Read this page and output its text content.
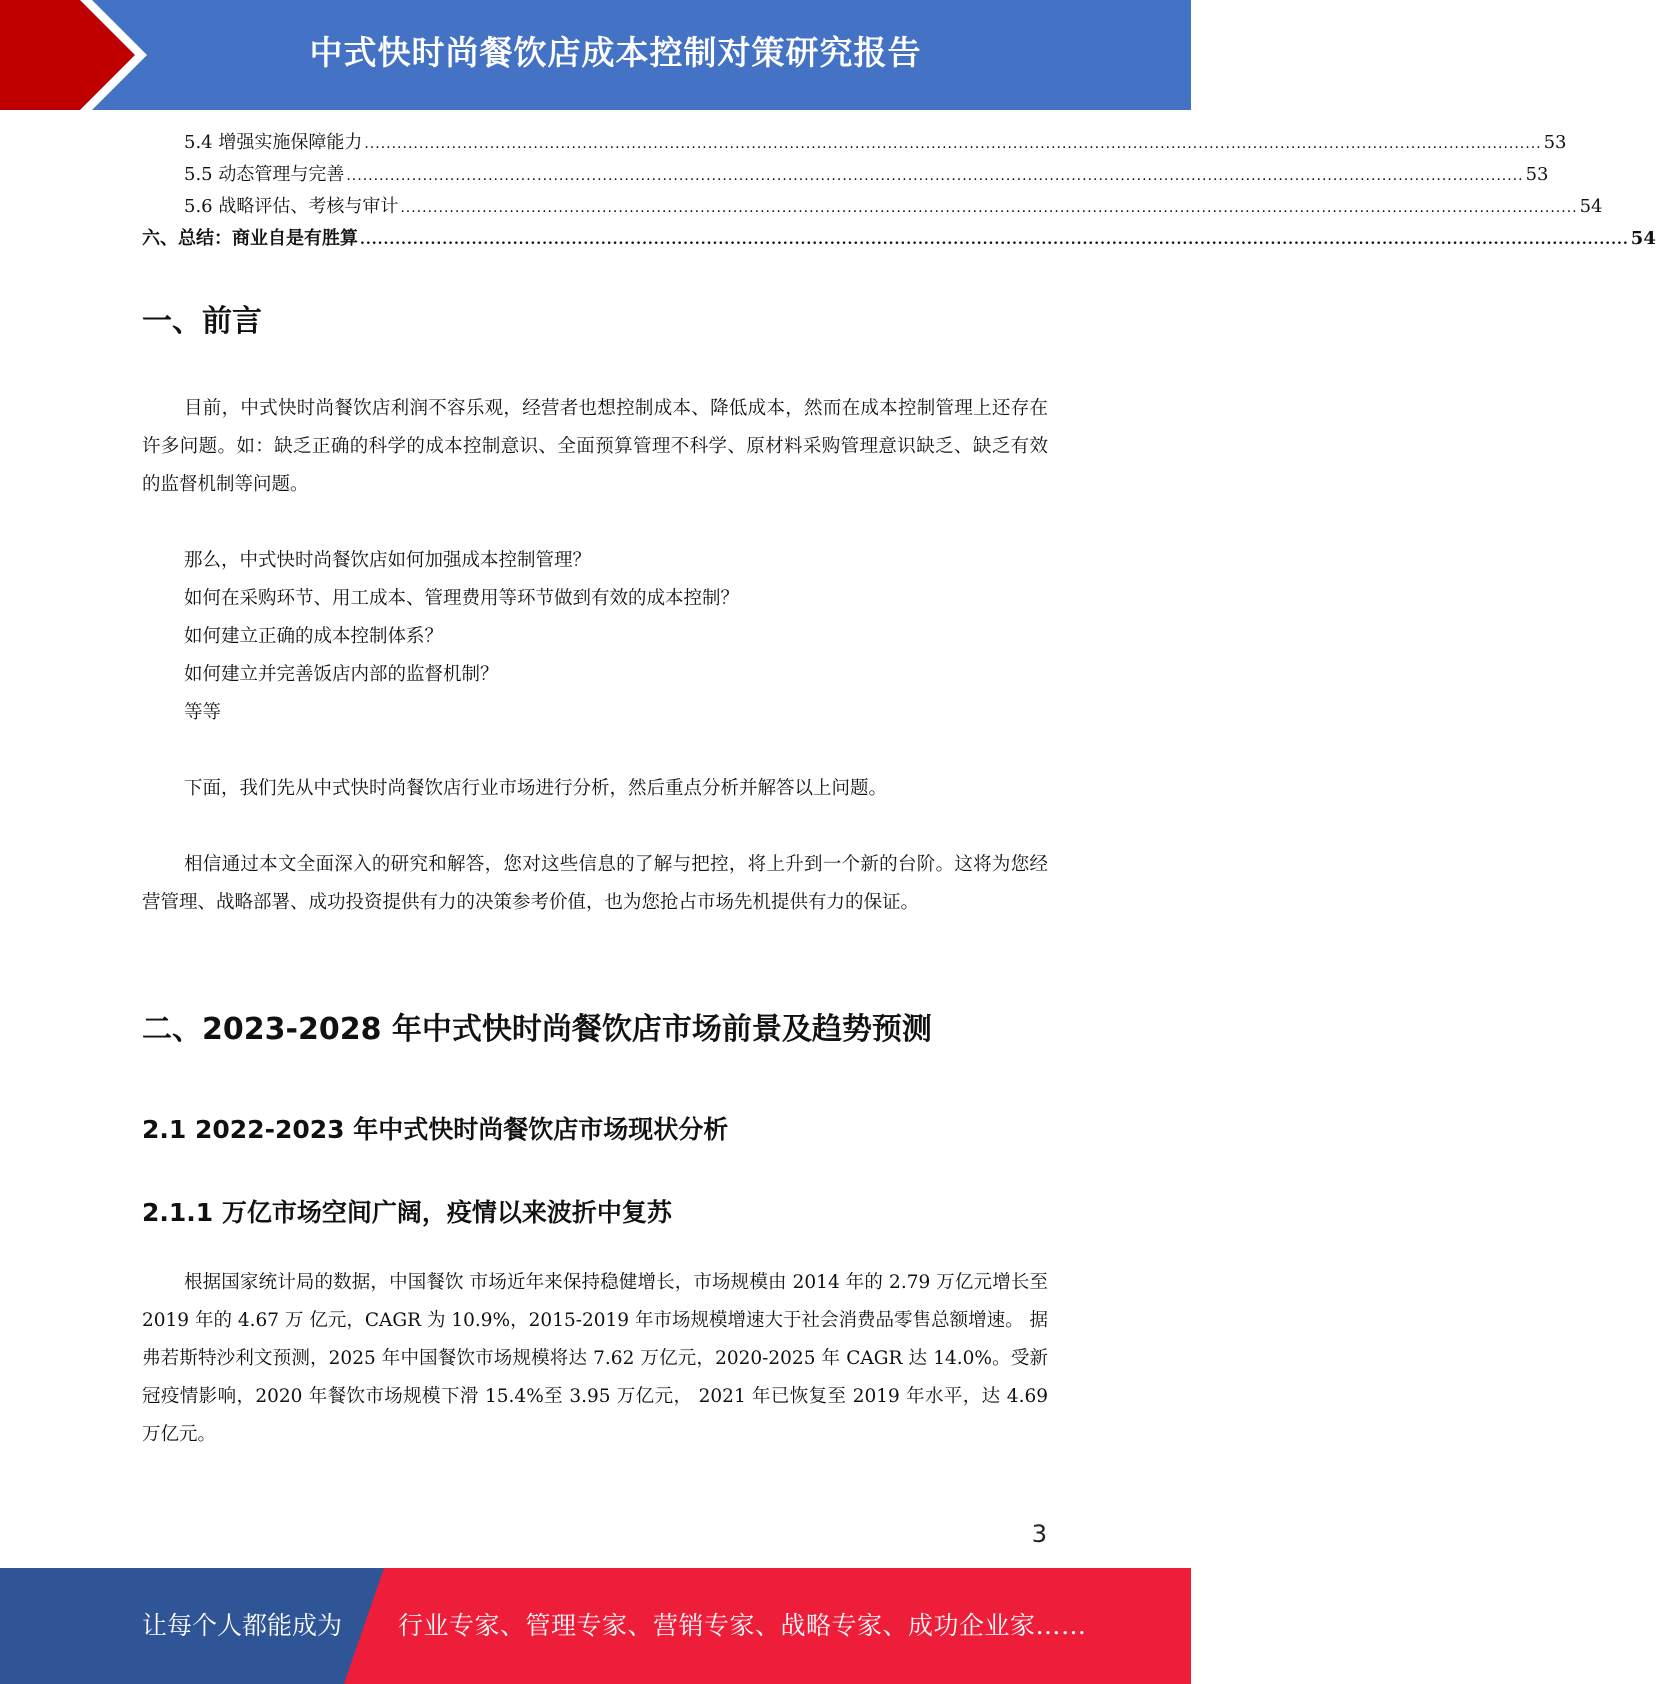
中式快时尚餐饮店成本控制对策研究报告
5.4 增强实施保障能力 ........................................................................................................................................................................................................................ 53
5.5 动态管理与完善 ........................................................................................................................................................................................................................ 53
5.6 战略评估、考核与审计 ........................................................................................................................................................................................................................ 54
六、总结：商业自是有胜算 ........................................................................................................................................................................................................................ 54
一、前言

目前，中式快时尚餐饮店利润不容乐观，经营者也想控制成本、降低成本，然而在成本控制管理上还存在许多问题。如：缺乏正确的科学的成本控制意识、全面预算管理不科学、原材料采购管理意识缺乏、缺乏有效的监督机制等问题。

那么，中式快时尚餐饮店如何加强成本控制管理？
如何在采购环节、用工成本、管理费用等环节做到有效的成本控制？
如何建立正确的成本控制体系？
如何建立并完善饭店内部的监督机制？
等等

下面，我们先从中式快时尚餐饮店行业市场进行分析，然后重点分析并解答以上问题。

相信通过本文全面深入的研究和解答，您对这些信息的了解与把控，将上升到一个新的台阶。这将为您经营管理、战略部署、成功投资提供有力的决策参考价值，也为您抢占市场先机提供有力的保证。

二、2023-2028 年中式快时尚餐饮店市场前景及趋势预测
2.1 2022-2023 年中式快时尚餐饮店市场现状分析
2.1.1 万亿市场空间广阔，疫情以来波折中复苏

根据国家统计局的数据，中国餐饮 市场近年来保持稳健增长，市场规模由 2014 年的 2.79 万亿元增长至 2019 年的 4.67 万 亿元，CAGR 为 10.9%，2015-2019 年市场规模增速大于社会消费品零售总额增速。 据弗若斯特沙利文预测，2025 年中国餐饮市场规模将达 7.62 万亿元，2020-2025 年 CAGR 达 14.0%。受新冠疫情影响，2020 年餐饮市场规模下滑 15.4%至 3.95 万亿元， 2021 年已恢复至 2019 年水平，达 4.69 万亿元。

3
让每个人都能成为 行业专家、管理专家、营销专家、战略专家、成功企业家……
